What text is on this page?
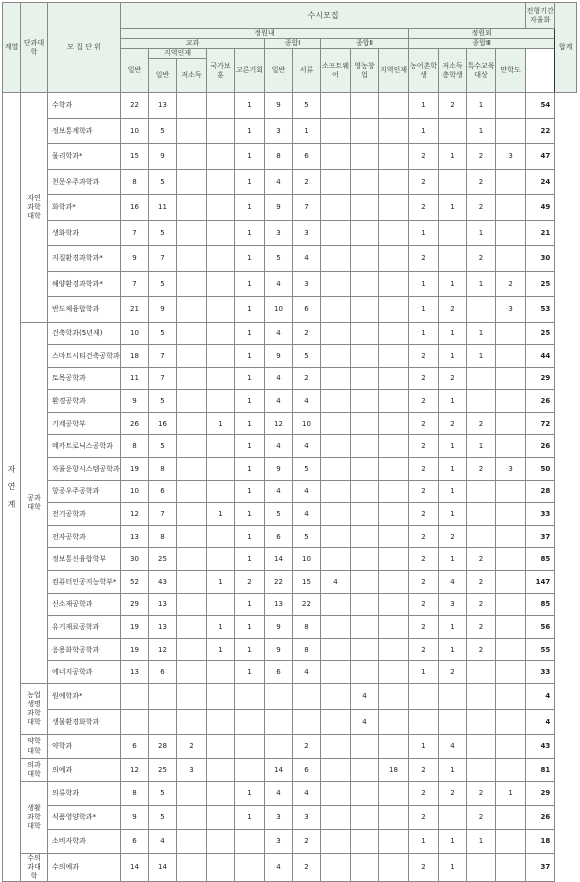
계열	단과대학	모 집 단 위	수시모집														전형기간 자율화	합계
			정원내										정원외					
			교과					종합Ⅰ		종합Ⅱ			종합Ⅲ					
			일반	지역인재		국가보훈	고른기회	일반	서류	소프트웨어	영농창업	지역인재	농어촌학생	저소득층학생	특수교육대상	만학도		
				일반	저소득													

자 연 계	자연과학대학	수학과	22	13			1	9	5				1	2	1		54	
		정보통계학과	10	5			1	3	1				1		1		22	
		물리학과*	15	9			1	8	6				2	1	2	3	47	
		천문우주과학과	8	5			1	4	2				2		2		24	
		화학과*	16	11			1	9	7				2	1	2		49	
		생화학과	7	5			1	3	3				1		1		21	
		지질환경과학과*	9	7			1	5	4				2		2		30	
		해양환경과학과*	7	5			1	4	3				1	1	1	2	25	
		반도체융합학과	21	9			1	10	6				1	2		3	53	

	공과대학	건축학과(5년제)	10	5			1	4	2				1	1	1		25	
		스마트시티건축공학과	18	7			1	9	5				2	1	1		44	
		토목공학과	11	7			1	4	2				2	2			29	
		환경공학과	9	5			1	4	4				2	1			26	
		기계공학부	26	16		1	1	12	10				2	2	2		72	
		메카트로닉스공학과	8	5			1	4	4				2	1	1		26	
		자율운항시스템공학과	19	8			1	9	5				2	1	2	3	50	
		항공우주공학과	10	6			1	4	4				2	1			28	
		전기공학과	12	7		1	1	5	4				2	1			33	
		전자공학과	13	8			1	6	5				2	2			37	
		정보통신융합학부	30	25			1	14	10				2	1	2		85	
		컴퓨터인공지능학부*	52	43		1	2	22	15	4			2	4	2		147	
		신소재공학과	29	13			1	13	22				2	3	2		85	
		유기재료공학과	19	13		1	1	9	8				2	1	2		56	
		응용화학공학과	19	12		1	1	9	8				2	1	2		55	
		에너지공학과	13	6			1	6	4				1	2			33	

	농업생명과학대학	원예학과*									4						4	
		생물환경화학과									4						4	

	약학대학	약학과	6	28	2				2				1	4			43	

	의과대학	의예과	12	25	3			14	6			18	2	1			81	

	생활과학대학	의류학과	8	5			1	4	4				2	2	2	1	29	
		식품영양학과*	9	5			1	3	3				2		2		26	
		소비자학과	6	4				3	2				1	1	1		18	

	수의과대학	수의예과	14	14				4	2				2	1			37	
